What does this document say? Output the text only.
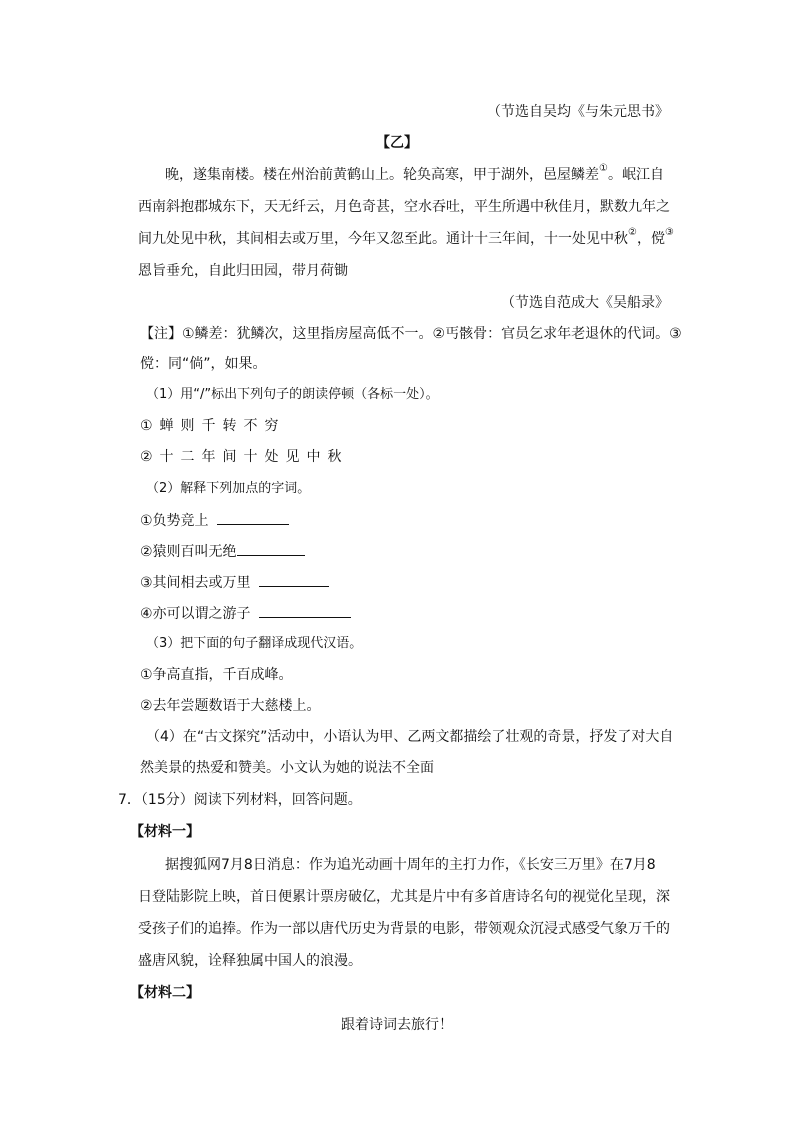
（节选自吴均《与朱元思书》
【乙】
晚，遂集南楼。楼在州治前黄鹤山上。轮奂高寒，甲于湖外，邑屋鳞差①。岷江自
西南斜抱郡城东下，天无纤云，月色奇甚，空水吞吐，平生所遇中秋佳月，默数九年之
间九处见中秋，其间相去或万里，今年又忽至此。通计十三年间，十一处见中秋②，傥③
恩旨垂允，自此归田园，带月荷锄
（节选自范成大《吴船录》
【注】①鳞差：犹鳞次，这里指房屋高低不一。②丐骸骨：官员乞求年老退休的代词。③
傥：同“倘”，如果。
（1）用“/”标出下列句子的朗读停顿（各标一处）。
①蝉则千转不穷
②十二年间十处见中秋
（2）解释下列加点的字词。
①负势竞上
②猿则百叫无绝
③其间相去或万里
④亦可以谓之游子
（3）把下面的句子翻译成现代汉语。
①争高直指，千百成峰。
②去年尝题数语于大慈楼上。
（4）在“古文探究”活动中，小语认为甲、乙两文都描绘了壮观的奇景，抒发了对大自
然美景的热爱和赞美。小文认为她的说法不全面
7．（15分）阅读下列材料，回答问题。
【材料一】
据搜狐网7月8日消息：作为追光动画十周年的主打力作，《长安三万里》在7月8
日登陆影院上映，首日便累计票房破亿，尤其是片中有多首唐诗名句的视觉化呈现，深
受孩子们的追捧。作为一部以唐代历史为背景的电影，带领观众沉浸式感受气象万千的
盛唐风貌，诠释独属中国人的浪漫。
【材料二】
跟着诗词去旅行！
